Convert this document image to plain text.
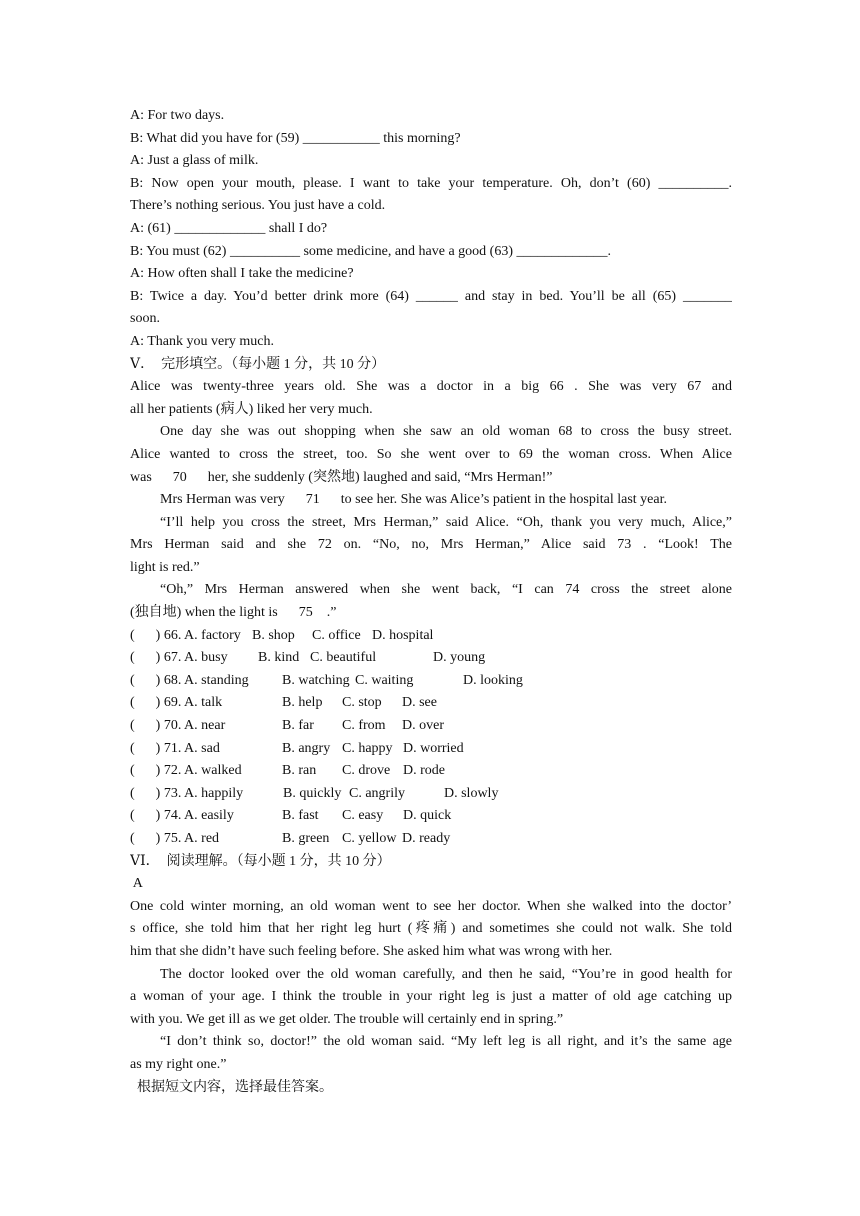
A: For two days.
B: What did you have for (59) ___________ this morning?
A: Just a glass of milk.
B: Now open your mouth, please. I want to take your temperature. Oh, don’t (60) __________.
There’s nothing serious. You just have a cold.
A: (61) _____________ shall I do?
B: You must (62) __________ some medicine, and have a good (63) _____________.
A: How often shall I take the medicine?
B: Twice a day. You’d better drink more (64) ______ and stay in bed. You’ll be all (65) _______
soon.
A: Thank you very much.
Ⅴ．  完形填空。（每小题 1 分，共 10 分）
Alice was twenty-three years old. She was a doctor in a big 66 . She was very 67 and
all her patients (病人) liked her very much.
One day she was out shopping when she saw an old woman 68 to cross the busy street.
Alice wanted to cross the street, too. So she went over to 69 the woman cross. When Alice
was      70      her, she suddenly (突然地) laughed and said, “Mrs Herman!”
Mrs Herman was very      71      to see her. She was Alice’s patient in the hospital last year.
“I’ll help you cross the street, Mrs Herman,” said Alice. “Oh, thank you very much, Alice,”
Mrs Herman said and she 72 on. “No, no, Mrs Herman,” Alice said 73 . “Look! The
light is red.”
“Oh,” Mrs Herman answered when she went back, “I can 74 cross the street alone
(独自地) when the light is      75    .”
(      ) 66. A. factory B. shop	C. office D. hospital
(      ) 67. A. busy	B. kind C. beautiful	D. young
(      ) 68. A. standing	B. watching C. waiting	D. looking
(      ) 69. A. talk	B. help	C. stop	D. see
(      ) 70. A. near	B. far	C. from	D. over
(      ) 71. A. sad	B. angry C. happy D. worried
(      ) 72. A. walked	B. ran	C. drove D. rode
(      ) 73. A. happily	B. quickly C. angrily	D. slowly
(      ) 74. A. easily	B. fast	C. easy	D. quick
(      ) 75. A. red	B. green C. yellow D. ready
ⅤⅠ．  阅读理解。（每小题 1 分，共 10 分）
A
One cold winter morning, an old woman went to see her doctor. When she walked into the doctor’
s office, she told him that her right leg hurt (疼痛) and sometimes she could not walk. She told
him that she didn’t have such feeling before. She asked him what was wrong with her.
The doctor looked over the old woman carefully, and then he said, “You’re in good health for
a woman of your age. I think the trouble in your right leg is just a matter of old age catching up
with you. We get ill as we get older. The trouble will certainly end in spring.”
“I don’t think so, doctor!” the old woman said. “My left leg is all right, and it’s the same age
as my right one.”
根据短文内容，选择最佳答案。
